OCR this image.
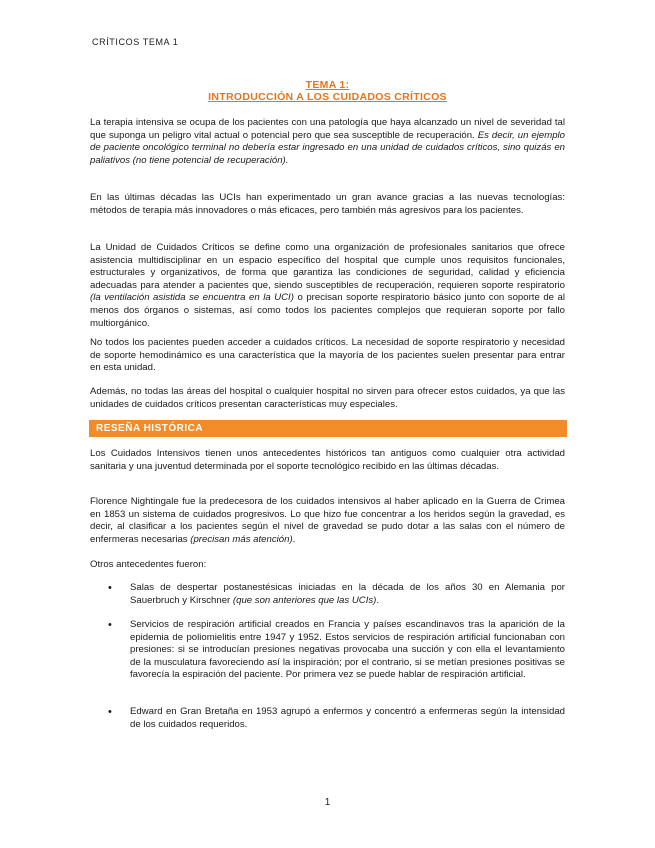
CRÍTICOS TEMA 1
TEMA 1:
INTRODUCCIÓN A LOS CUIDADOS CRÍTICOS

La terapia intensiva se ocupa de los pacientes con una patología que haya alcanzado un nivel de severidad tal que suponga un peligro vital actual o potencial pero que sea susceptible de recuperación. Es decir, un ejemplo de paciente oncológico terminal no debería estar ingresado en una unidad de cuidados críticos, sino quizás en paliativos (no tiene potencial de recuperación).

En las últimas décadas las UCIs han experimentado un gran avance gracias a las nuevas tecnologías: métodos de terapia más innovadores o más eficaces, pero también más agresivos para los pacientes.

La Unidad de Cuidados Críticos se define como una organización de profesionales sanitarios que ofrece asistencia multidisciplinar en un espacio específico del hospital que cumple unos requisitos funcionales, estructurales y organizativos, de forma que garantiza las condiciones de seguridad, calidad y eficiencia adecuadas para atender a pacientes que, siendo susceptibles de recuperación, requieren soporte respiratorio (la ventilación asistida se encuentra en la UCI) o precisan soporte respiratorio básico junto con soporte de al menos dos órganos o sistemas, así como todos los pacientes complejos que requieran soporte por fallo multiorgánico.

No todos los pacientes pueden acceder a cuidados críticos. La necesidad de soporte respiratorio y necesidad de soporte hemodinámico es una característica que la mayoría de los pacientes suelen presentar para entrar en esta unidad.

Además, no todas las áreas del hospital o cualquier hospital no sirven para ofrecer estos cuidados, ya que las unidades de cuidados críticos presentan características muy especiales.

RESEÑA HISTÓRICA

Los Cuidados Intensivos tienen unos antecedentes históricos tan antiguos como cualquier otra actividad sanitaria y una juventud determinada por el soporte tecnológico recibido en las últimas décadas.

Florence Nightingale fue la predecesora de los cuidados intensivos al haber aplicado en la Guerra de Crimea en 1853 un sistema de cuidados progresivos. Lo que hizo fue concentrar a los heridos según la gravedad, es decir, al clasificar a los pacientes según el nivel de gravedad se pudo dotar a las salas con el número de enfermeras necesarias (precisan más atención).

Otros antecedentes fueron:

• Salas de despertar postanestésicas iniciadas en la década de los años 30 en Alemania por Sauerbruch y Kirschner (que son anteriores que las UCIs).
• Servicios de respiración artificial creados en Francia y países escandinavos tras la aparición de la epidemia de poliomielitis entre 1947 y 1952. Estos servicios de respiración artificial funcionaban con presiones: si se introducían presiones negativas provocaba una succión y con ella el levantamiento de la musculatura favoreciendo así la inspiración; por el contrario, si se metían presiones positivas se favorecía la espiración del paciente. Por primera vez se puede hablar de respiración artificial.
• Edward en Gran Bretaña en 1953 agrupó a enfermos y concentró a enfermeras según la intensidad de los cuidados requeridos.
1
